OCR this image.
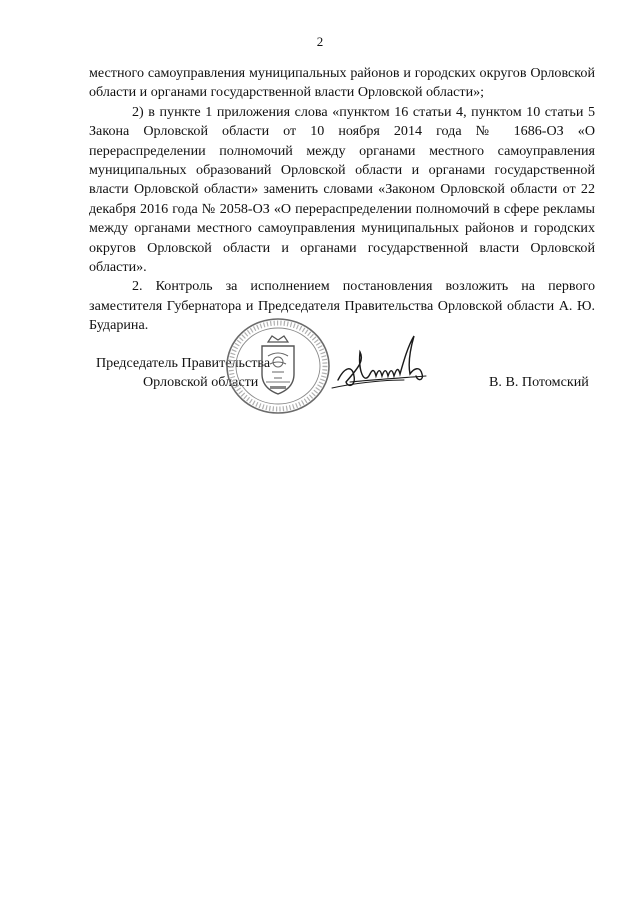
2

местного самоуправления муниципальных районов и городских округов Орловской области и органами государственной власти Орловской области»;

2) в пункте 1 приложения слова «пунктом 16 статьи 4, пунктом 10 статьи 5 Закона Орловской области от 10 ноября 2014 года № 1686-ОЗ «О перераспределении полномочий между органами местного самоуправления муниципальных образований Орловской области и органами государственной власти Орловской области» заменить словами «Законом Орловской области от 22 декабря 2016 года № 2058-ОЗ «О перераспределении полномочий в сфере рекламы между органами местного самоуправления муниципальных районов и городских округов Орловской области и органами государственной власти Орловской области».

2. Контроль за исполнением постановления возложить на первого заместителя Губернатора и Председателя Правительства Орловской области А. Ю. Бударина.

Председатель Правительства
Орловской области	В. В. Потомский
